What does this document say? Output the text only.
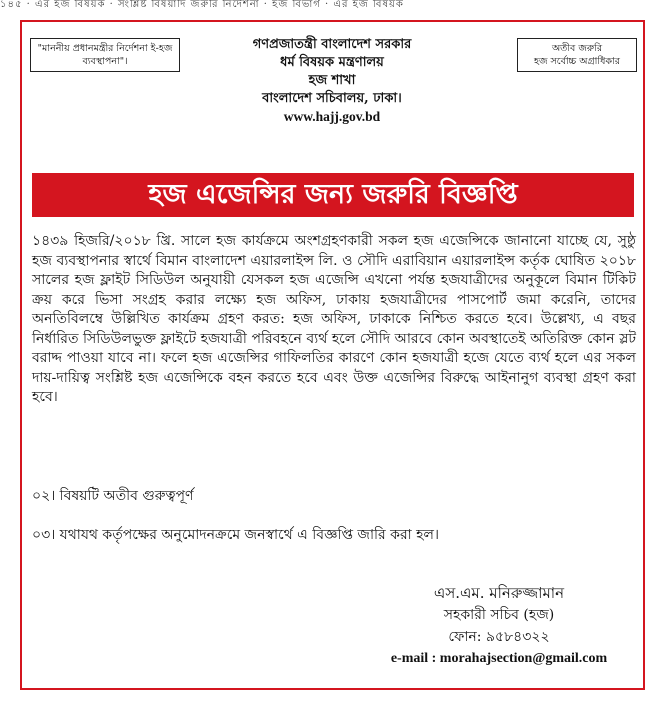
১৪৫ · এর হজ বিষয়ক · সংশ্লিষ্ট বিষয়াদি জরুরি নির্দেশনা · হজ বিভাগ · এর হজ বিষয়ক
"মাননীয় প্রধানমন্ত্রীর নির্দেশনা ই-হজ ব্যবস্থাপনা"।
গণপ্রজাতন্ত্রী বাংলাদেশ সরকার
ধর্ম বিষয়ক মন্ত্রণালয়
হজ শাখা
বাংলাদেশ সচিবালয়, ঢাকা।
www.hajj.gov.bd
অতীব জরুরি
হজ সর্বোচ্চ অগ্রাধিকার
হজ এজেন্সির জন্য জরুরি বিজ্ঞপ্তি
১৪৩৯ হিজরি/২০১৮ খ্রি. সালে হজ কার্যক্রমে অংশগ্রহণকারী সকল হজ এজেন্সিকে জানানো যাচ্ছে যে, সুষ্ঠু হজ ব্যবস্থাপনার স্বার্থে বিমান বাংলাদেশ এয়ারলাইন্স লি. ও সৌদি এরাবিয়ান এয়ারলাইন্স কর্তৃক ঘোষিত ২০১৮ সালের হজ ফ্লাইট সিডিউল অনুযায়ী যেসকল হজ এজেন্সি এখনো পর্যন্ত হজযাত্রীদের অনুকূলে বিমান টিকিট ক্রয় করে ভিসা সংগ্রহ করার লক্ষ্যে হজ অফিস, ঢাকায় হজযাত্রীদের পাসপোর্ট জমা করেনি, তাদের অনতিবিলম্বে উল্লিখিত কার্যক্রম গ্রহণ করত: হজ অফিস, ঢাকাকে নিশ্চিত করতে হবে। উল্লেখ্য, এ বছর নির্ধারিত সিডিউলভুক্ত ফ্লাইটে হজযাত্রী পরিবহনে ব্যর্থ হলে সৌদি আরবে কোন অবস্থাতেই অতিরিক্ত কোন স্লট বরাদ্দ পাওয়া যাবে না। ফলে হজ এজেন্সির গাফিলতির কারণে কোন হজযাত্রী হজে যেতে ব্যর্থ হলে এর সকল দায়-দায়িত্ব সংশ্লিষ্ট হজ এজেন্সিকে বহন করতে হবে এবং উক্ত এজেন্সির বিরুদ্ধে আইনানুগ ব্যবস্থা গ্রহণ করা হবে।
০২। বিষয়টি অতীব গুরুত্বপূর্ণ
০৩। যথাযথ কর্তৃপক্ষের অনুমোদনক্রমে জনস্বার্থে এ বিজ্ঞপ্তি জারি করা হল।
এস.এম. মনিরুজ্জামান
সহকারী সচিব (হজ)
ফোন: ৯৫৮৪৩২২
e-mail : morahajsection@gmail.com
